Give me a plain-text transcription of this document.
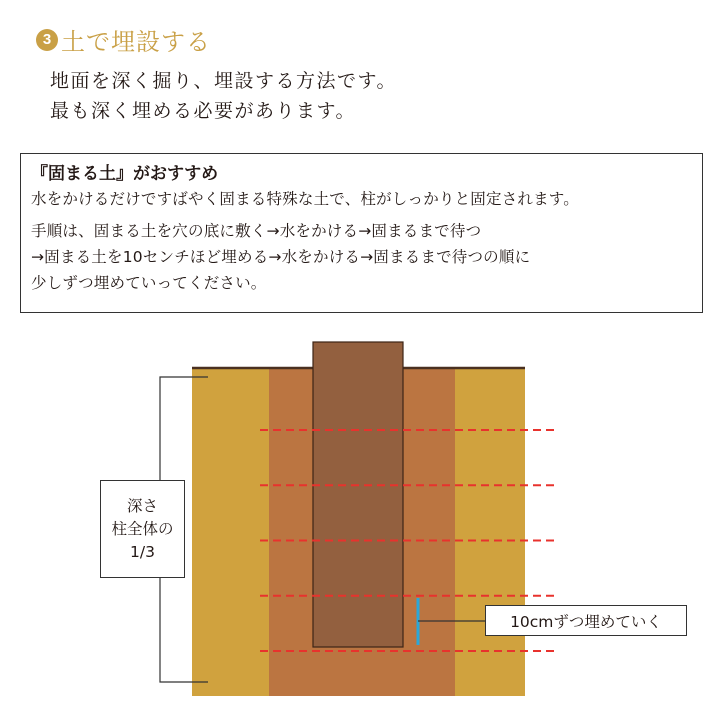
3 土で埋設する
地面を深く掘り、埋設する方法です。
最も深く埋める必要があります。
『固まる土』がおすすめ
水をかけるだけですばやく固まる特殊な土で、柱がしっかりと固定されます。
手順は、固まる土を穴の底に敷く→水をかける→固まるまで待つ
→固まる土を10センチほど埋める→水をかける→固まるまで待つの順に
少しずつ埋めていってください。
深さ
柱全体の
1/3
10cmずつ埋めていく
